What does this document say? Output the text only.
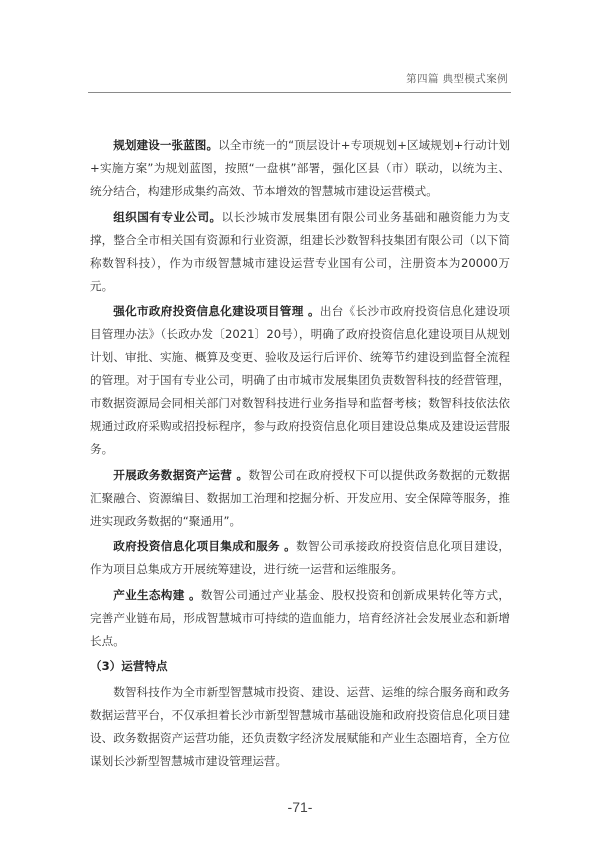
第四篇 典型模式案例

规划建设一张蓝图。以全市统一的“顶层设计+专项规划+区域规划+行动计划+实施方案”为规划蓝图，按照“一盘棋”部署，强化区县（市）联动，以统为主、统分结合，构建形成集约高效、节本增效的智慧城市建设运营模式。

组织国有专业公司。以长沙城市发展集团有限公司业务基础和融资能力为支撑，整合全市相关国有资源和行业资源，组建长沙数智科技集团有限公司（以下简称数智科技），作为市级智慧城市建设运营专业国有公司，注册资本为20000万元。

强化市政府投资信息化建设项目管理 。出台《长沙市政府投资信息化建设项目管理办法》（长政办发〔2021〕20号），明确了政府投资信息化建设项目从规划计划、审批、实施、概算及变更、验收及运行后评价、统筹节约建设到监督全流程的管理。对于国有专业公司，明确了由市城市发展集团负责数智科技的经营管理，市数据资源局会同相关部门对数智科技进行业务指导和监督考核；数智科技依法依规通过政府采购或招投标程序，参与政府投资信息化项目建设总集成及建设运营服务。

开展政务数据资产运营 。数智公司在政府授权下可以提供政务数据的元数据汇聚融合、资源编目、数据加工治理和挖掘分析、开发应用、安全保障等服务，推进实现政务数据的“聚通用”。

政府投资信息化项目集成和服务 。数智公司承接政府投资信息化项目建设，作为项目总集成方开展统筹建设，进行统一运营和运维服务。

产业生态构建 。数智公司通过产业基金、股权投资和创新成果转化等方式，完善产业链布局，形成智慧城市可持续的造血能力，培育经济社会发展业态和新增长点。

（3）运营特点

数智科技作为全市新型智慧城市投资、建设、运营、运维的综合服务商和政务数据运营平台，不仅承担着长沙市新型智慧城市基础设施和政府投资信息化项目建设、政务数据资产运营功能，还负责数字经济发展赋能和产业生态圈培育，全方位谋划长沙新型智慧城市建设管理运营。

-71-
